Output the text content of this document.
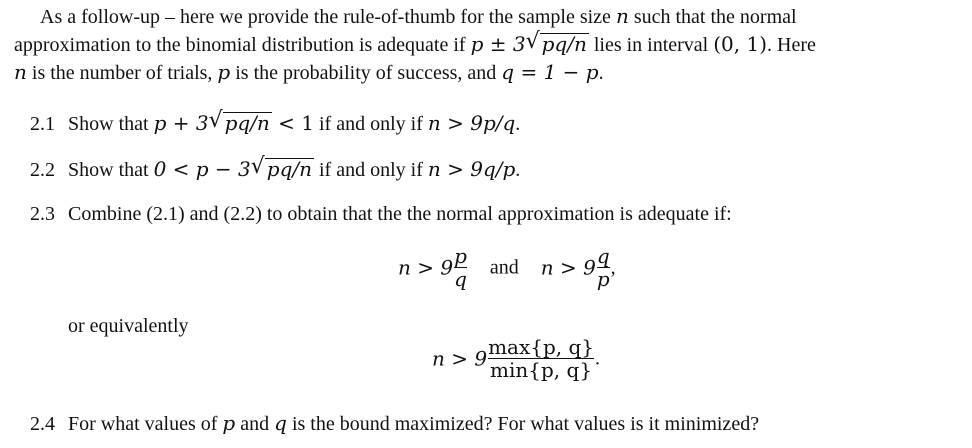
As a follow-up – here we provide the rule-of-thumb for the sample size n such that the normal
approximation to the binomial distribution is adequate if p ± 3 √ pq/n lies in interval (0, 1). Here
n is the number of trials, p is the probability of success, and q = 1 − p.
2.1 Show that p + 3 √ pq/n < 1 if and only if n > 9p/q.
2.2 Show that 0 < p − 3 √ pq/n if and only if n > 9q/p.
2.3 Combine (2.1) and (2.2) to obtain that the the normal approximation is adequate if:
$n > 9 \frac{p}{q}$ and $n > 9 \frac{q}{p}$ ,
or equivalently
$n > 9 \frac{\max\{p, q\}}{\min\{p, q\}}$ .
2.4 For what values of p and q is the bound maximized? For what values is it minimized?
